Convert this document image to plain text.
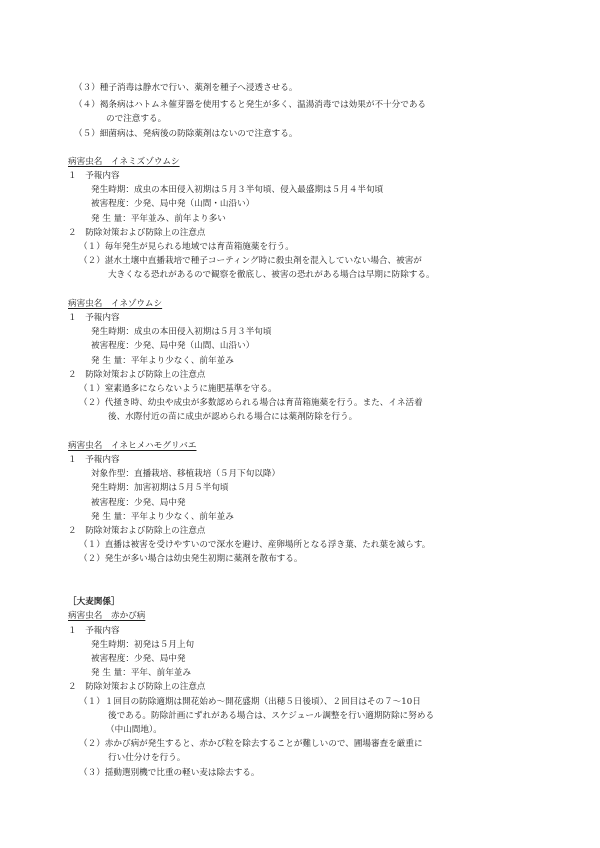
（３）種子消毒は静水で行い、薬剤を種子へ浸透させる。
（４）褐条病はハトムネ催芽器を使用すると発生が多く、温湯消毒では効果が不十分である
ので注意する。
（５）細菌病は、発病後の防除薬剤はないので注意する。
病害虫名　イネミズゾウムシ
１　予報内容
発生時期：成虫の本田侵入初期は５月３半旬頃、侵入最盛期は５月４半旬頃
被害程度：少発、局中発（山間・山沿い）
発 生 量：平年並み、前年より多い
２　防除対策および防除上の注意点
（１）毎年発生が見られる地域では育苗箱施薬を行う。
（２）湛水土壌中直播栽培で種子コーティング時に殺虫剤を混入していない場合、被害が
大きくなる恐れがあるので観察を徹底し、被害の恐れがある場合は早期に防除する。
病害虫名　イネゾウムシ
１　予報内容
発生時期：成虫の本田侵入初期は５月３半旬頃
被害程度：少発、局中発（山間、山沿い）
発 生 量：平年より少なく、前年並み
２　防除対策および防除上の注意点
（１）窒素過多にならないように施肥基準を守る。
（２）代掻き時、幼虫や成虫が多数認められる場合は育苗箱施薬を行う。また、イネ活着
後、水際付近の苗に成虫が認められる場合には薬剤防除を行う。
病害虫名　イネヒメハモグリバエ
１　予報内容
対象作型：直播栽培、移植栽培（５月下旬以降）
発生時期：加害初期は５月５半旬頃
被害程度：少発、局中発
発 生 量：平年より少なく、前年並み
２　防除対策および防除上の注意点
（１）直播は被害を受けやすいので深水を避け、産卵場所となる浮き葉、たれ葉を減らす。
（２）発生が多い場合は幼虫発生初期に薬剤を散布する。
［大麦関係］
病害虫名　赤かび病
１　予報内容
発生時期：初発は５月上旬
被害程度：少発、局中発
発 生 量：平年、前年並み
２　防除対策および防除上の注意点
（１）１回目の防除適期は開花始め～開花盛期（出穂５日後頃）、２回目はその７～10日
後である。防除計画にずれがある場合は、スケジュール調整を行い適期防除に努める
（中山間地）。
（２）赤かび病が発生すると、赤かび粒を除去することが難しいので、圃場審査を厳重に
行い仕分けを行う。
（３）揺動選別機で比重の軽い麦は除去する。
